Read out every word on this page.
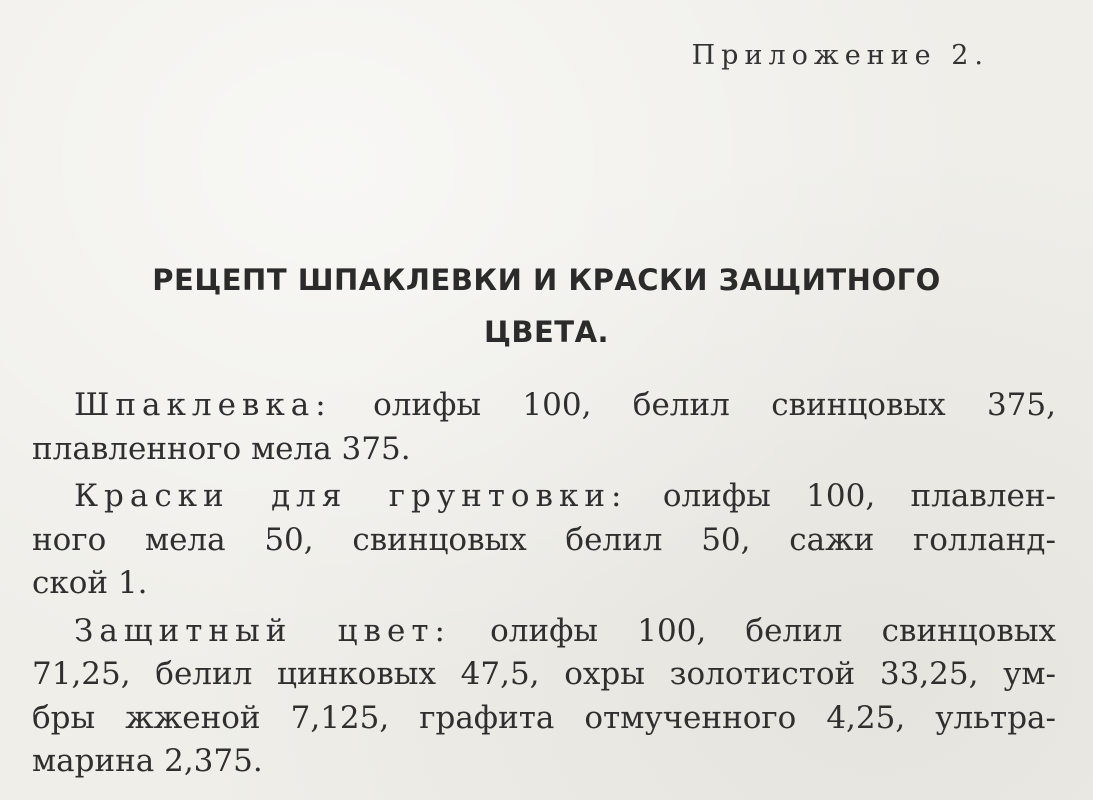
Приложение 2.
РЕЦЕПТ ШПАКЛЕВКИ И КРАСКИ ЗАЩИТНОГО
ЦВЕТА.
Шпаклевка: олифы 100, белил свинцовых 375,
плавленного мела 375.
Краски для грунтовки: олифы 100, плавлен-
ного мела 50, свинцовых белил 50, сажи голланд-
ской 1.
Защитный цвет: олифы 100, белил свинцовых
71,25, белил цинковых 47,5, охры золотистой 33,25, ум-
бры жженой 7,125, графита отмученного 4,25, ультра-
марина 2,375.
